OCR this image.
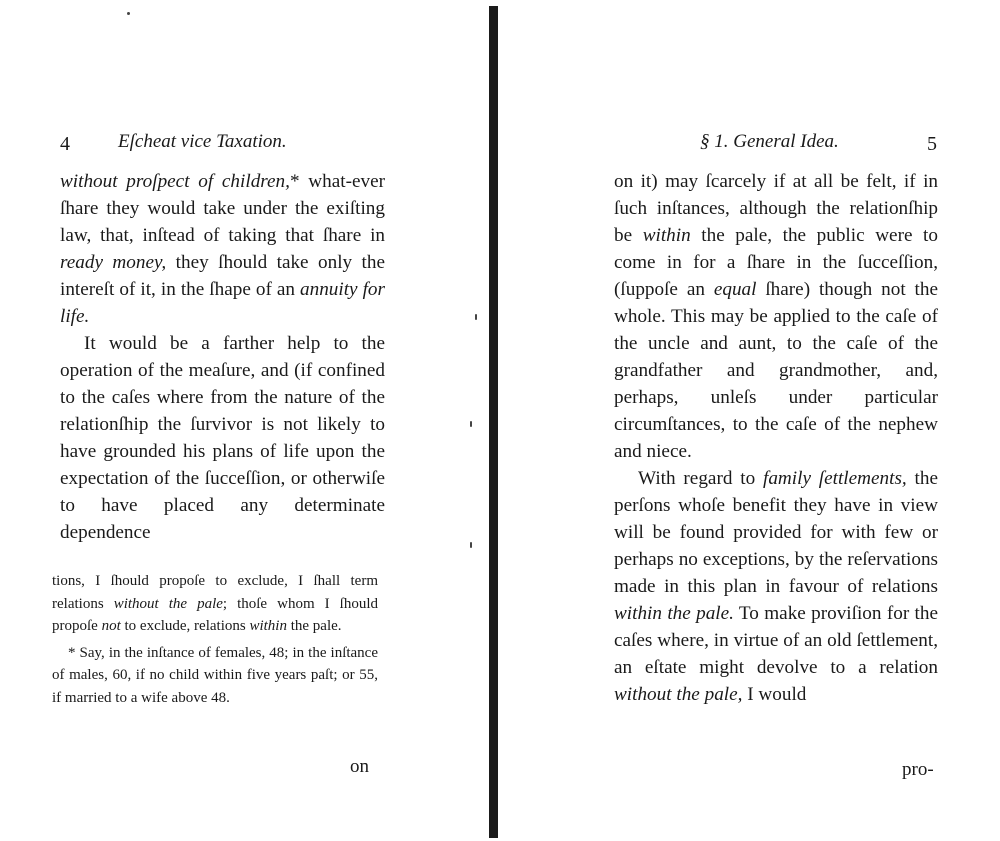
4	Eſcheat vice Taxation.

without proſpect of children,* what-ever ſhare they would take under the exiſting law, that, inſtead of taking that ſhare in ready money, they ſhould take only the intereſt of it, in the ſhape of an annuity for life.

It would be a farther help to the operation of the meaſure, and (if confined to the caſes where from the nature of the relationſhip the ſurvivor is not likely to have grounded his plans of life upon the expectation of the ſucceſſion, or otherwiſe to have placed any determinate dependence

tions, I ſhould propoſe to exclude, I ſhall term relations without the pale; thoſe whom I ſhould propoſe not to exclude, relations within the pale.

* Say, in the inſtance of females, 48; in the inſtance of males, 60, if no child within five years paſt; or 55, if married to a wife above 48.

on
§ 1. General Idea.	5

on it) may ſcarcely if at all be felt, if in ſuch inſtances, although the relationſhip be within the pale, the public were to come in for a ſhare in the ſucceſſion, (ſuppoſe an equal ſhare) though not the whole. This may be applied to the caſe of the uncle and aunt, to the caſe of the grandfather and grandmother, and, perhaps, unleſs under particular circumſtances, to the caſe of the nephew and niece.

With regard to family ſettlements, the perſons whoſe benefit they have in view will be found provided for with few or perhaps no exceptions, by the reſervations made in this plan in favour of relations within the pale. To make proviſion for the caſes where, in virtue of an old ſettlement, an eſtate might devolve to a relation without the pale, I would

pro-
